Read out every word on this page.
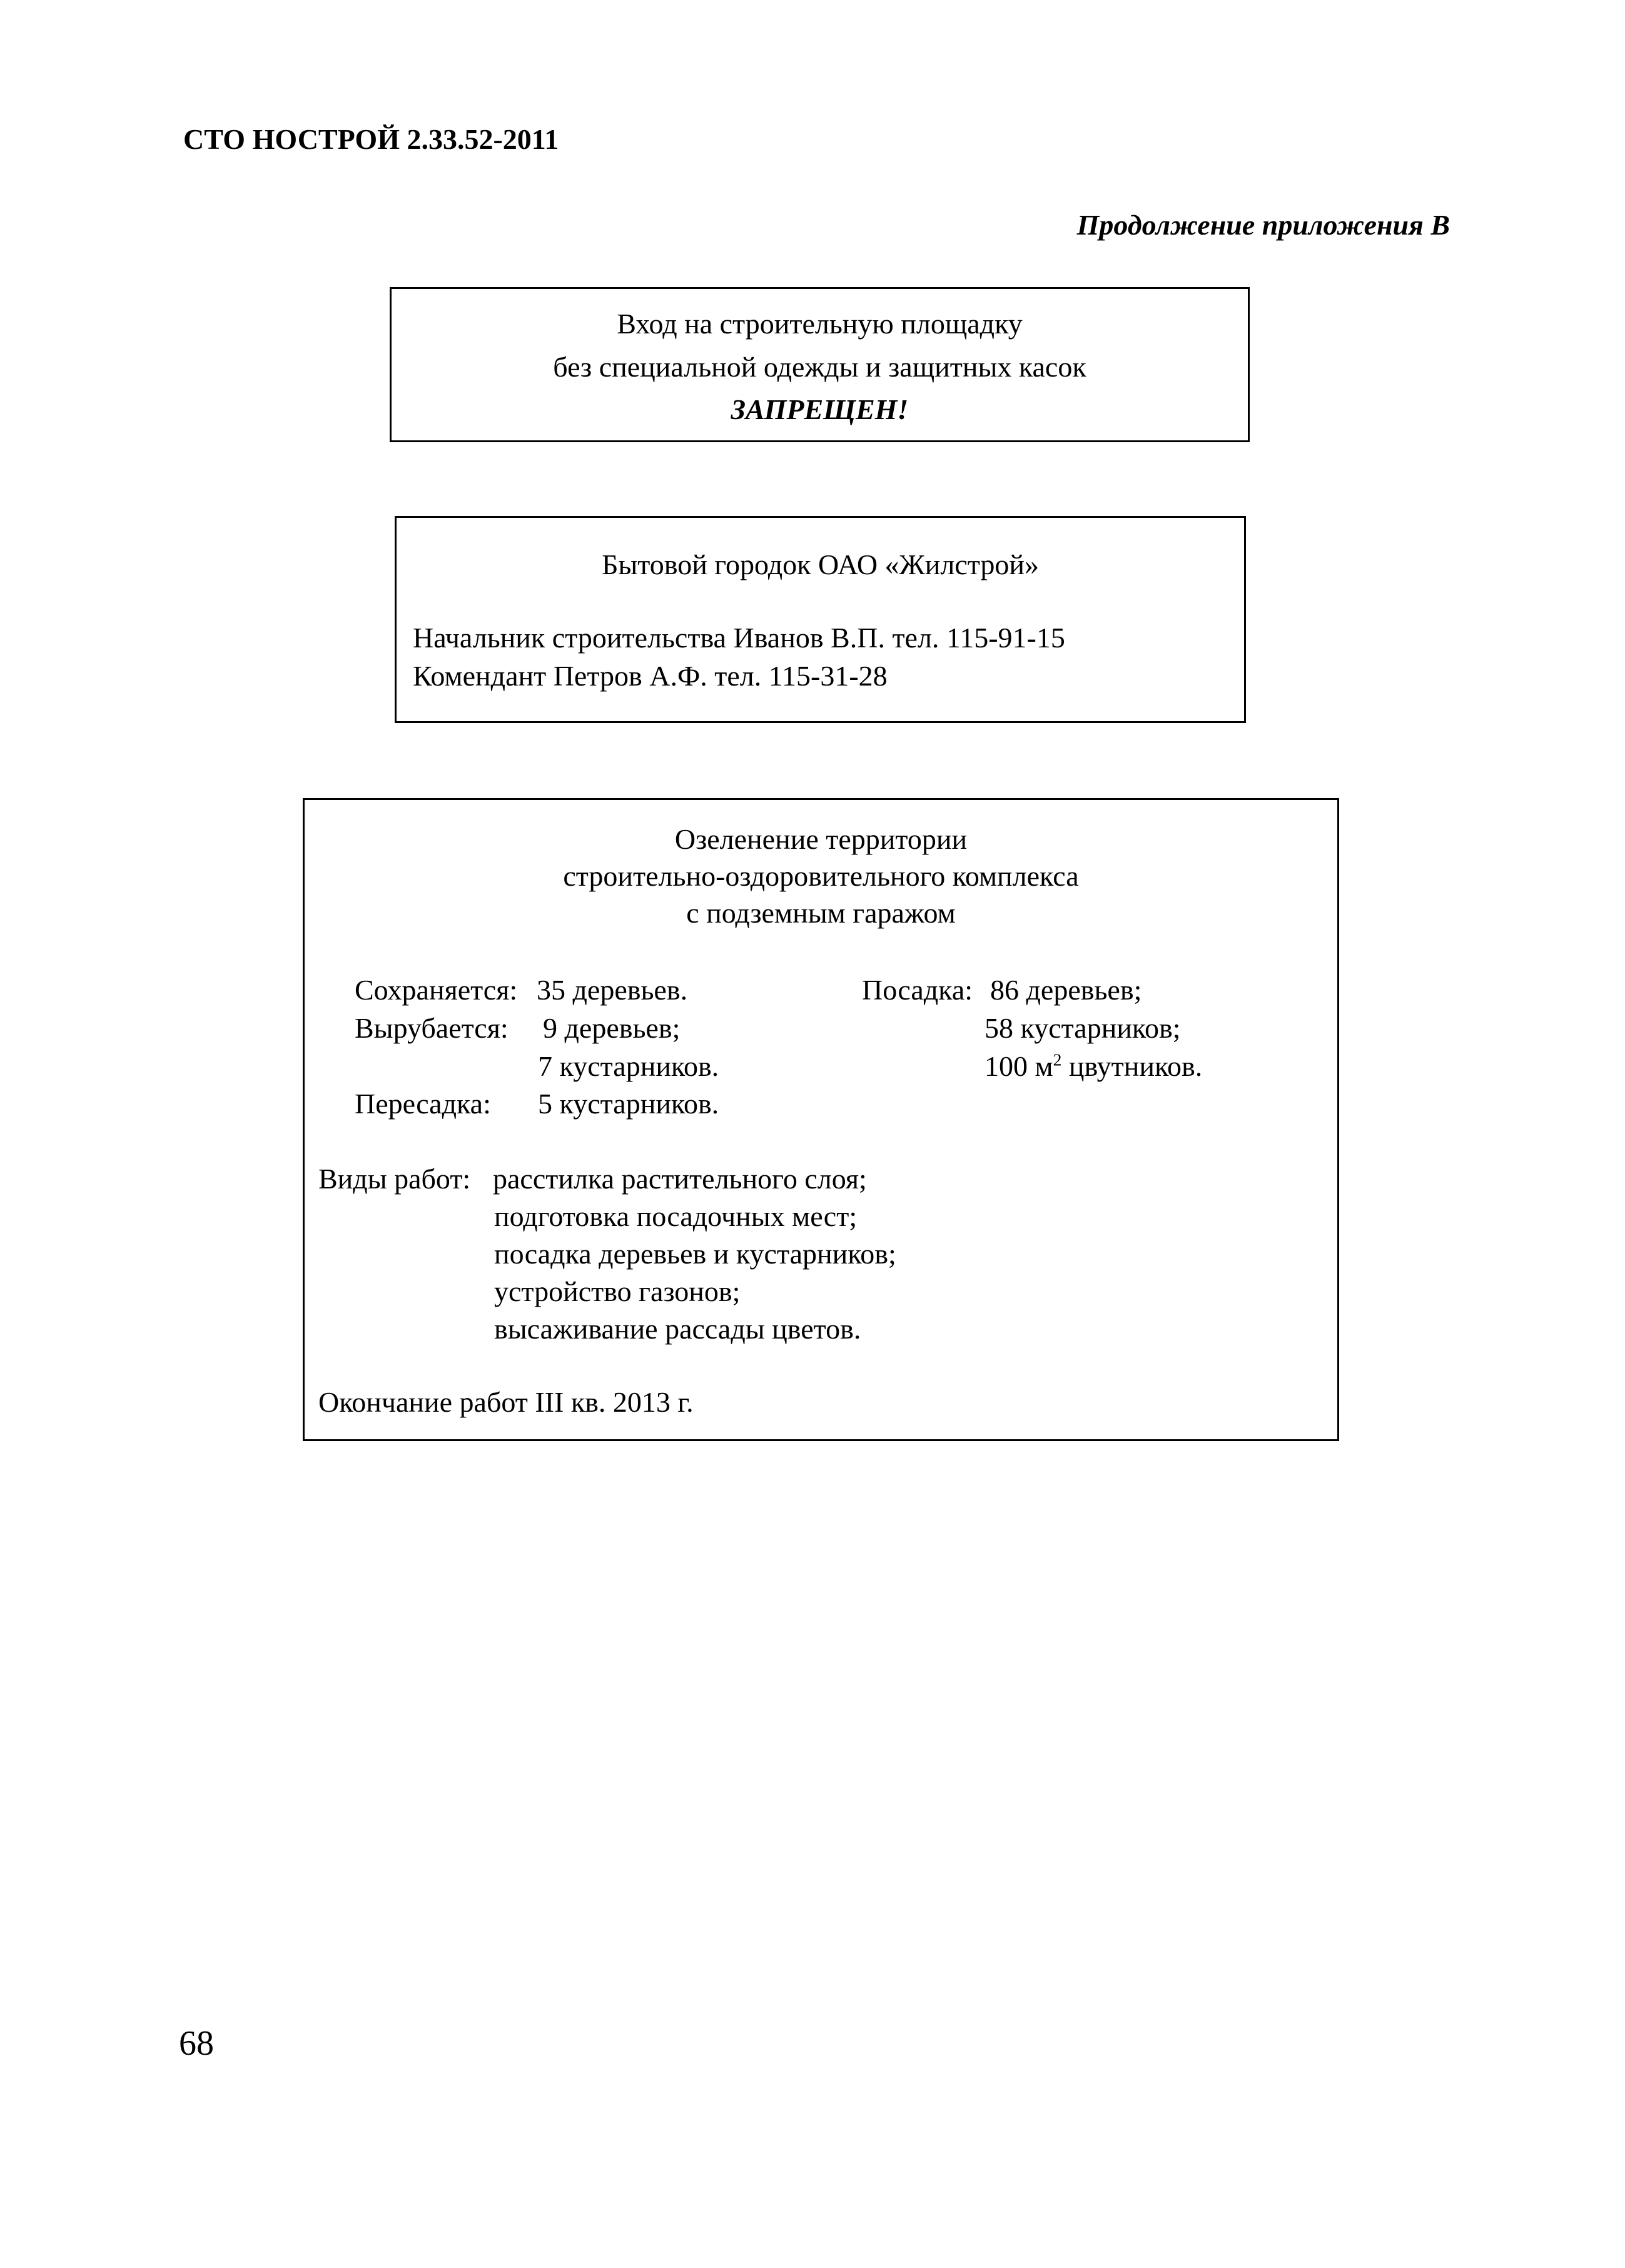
СТО НОСТРОЙ 2.33.52-2011
Продолжение приложения В
Вход на строительную площадку
без специальной одежды и защитных касок
ЗАПРЕЩЕН!
Бытовой городок ОАО «Жилстрой»
Начальник строительства Иванов В.П. тел. 115-91-15
Комендант Петров А.Ф. тел. 115-31-28
Озеленение территории
строительно-оздоровительного комплекса
с подземным гаражом
Сохраняется: 35 деревьев.
Вырубается: 9 деревьев;
7 кустарников.
Пересадка: 5 кустарников.
Посадка: 86 деревьев;
58 кустарников;
100 $м^2$ цвутников.
Виды работ: расстилка растительного слоя;
подготовка посадочных мест;
посадка деревьев и кустарников;
устройство газонов;
высаживание рассады цветов.
Окончание работ III кв. 2013 г.
68
